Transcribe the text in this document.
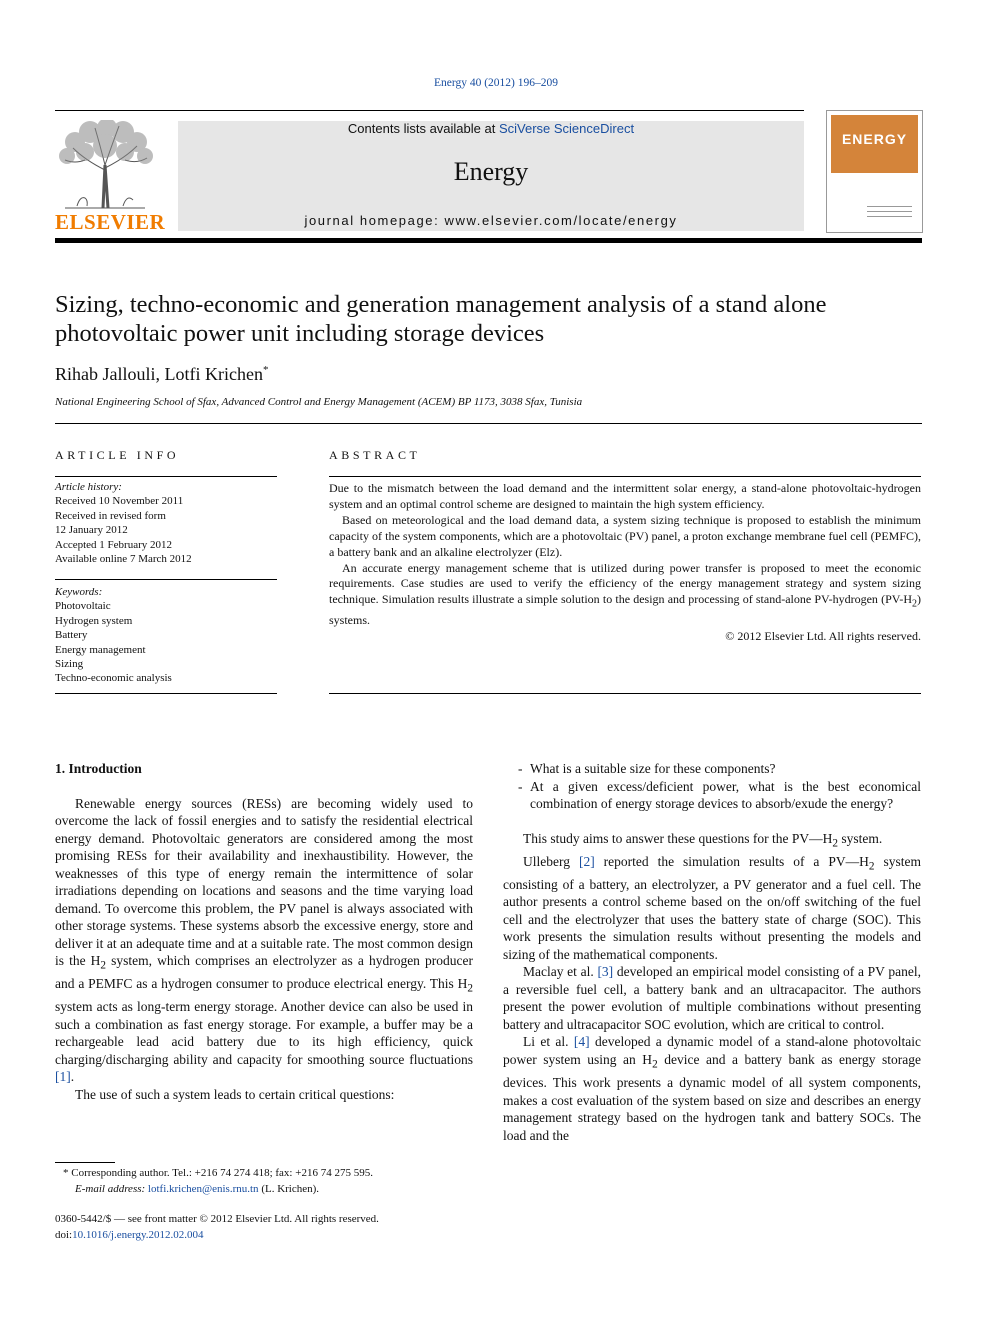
Energy 40 (2012) 196–209
ELSEVIER
Contents lists available at SciVerse ScienceDirect
Energy
journal homepage: www.elsevier.com/locate/energy
ENERGY
Sizing, techno-economic and generation management analysis of a stand alone photovoltaic power unit including storage devices
Rihab Jallouli, Lotfi Krichen*
National Engineering School of Sfax, Advanced Control and Energy Management (ACEM) BP 1173, 3038 Sfax, Tunisia
ARTICLE INFO
Article history:
Received 10 November 2011
Received in revised form
12 January 2012
Accepted 1 February 2012
Available online 7 March 2012
Keywords:
Photovoltaic
Hydrogen system
Battery
Energy management
Sizing
Techno-economic analysis
ABSTRACT

Due to the mismatch between the load demand and the intermittent solar energy, a stand-alone photovoltaic-hydrogen system and an optimal control scheme are designed to maintain the high system efficiency.

Based on meteorological and the load demand data, a system sizing technique is proposed to establish the minimum capacity of the system components, which are a photovoltaic (PV) panel, a proton exchange membrane fuel cell (PEMFC), a battery bank and an alkaline electrolyzer (Elz).

An accurate energy management scheme that is utilized during power transfer is proposed to meet the economic requirements. Case studies are used to verify the efficiency of the energy management strategy and system sizing technique. Simulation results illustrate a simple solution to the design and processing of stand-alone PV-hydrogen $(PV-H_2)$ systems.

© 2012 Elsevier Ltd. All rights reserved.
1. Introduction

Renewable energy sources (RESs) are becoming widely used to overcome the lack of fossil energies and to satisfy the residential electrical energy demand. Photovoltaic generators are considered among the most promising RESs for their availability and inexhaustibility. However, the weaknesses of this type of energy remain the intermittence of solar irradiations depending on locations and seasons and the time varying load demand. To overcome this problem, the PV panel is always associated with other storage systems. These systems absorb the excessive energy, store and deliver it at an adequate time and at a suitable rate. The most common design is the $H_2$ system, which comprises an electrolyzer as a hydrogen producer and a PEMFC as a hydrogen consumer to produce electrical energy. This $H_2$ system acts as long-term energy storage. Another device can also be used in such a combination as fast energy storage. For example, a buffer may be a rechargeable lead acid battery due to its high efficiency, quick charging/discharging ability and capacity for smoothing source fluctuations [1].

The use of such a system leads to certain critical questions:

* Corresponding author. Tel.: +216 74 274 418; fax: +216 74 275 595.
E-mail address: lotfi.krichen@enis.rnu.tn (L. Krichen).
0360-5442/$ — see front matter © 2012 Elsevier Ltd. All rights reserved.
doi:10.1016/j.energy.2012.02.004
- What is a suitable size for these components?
- At a given excess/deficient power, what is the best economical combination of energy storage devices to absorb/exude the energy?

This study aims to answer these questions for the $PV—H_2$ system.

Ulleberg [2] reported the simulation results of a $PV—H_2$ system consisting of a battery, an electrolyzer, a PV generator and a fuel cell. The author presents a control scheme based on the on/off switching of the fuel cell and the electrolyzer that uses the battery state of charge (SOC). This work presents the simulation results without presenting the models and sizing of the mathematical components.

Maclay et al. [3] developed an empirical model consisting of a PV panel, a reversible fuel cell, a battery bank and an ultracapacitor. The authors present the power evolution of multiple combinations without presenting battery and ultracapacitor SOC evolution, which are critical to control.

Li et al. [4] developed a dynamic model of a stand-alone photovoltaic power system using an $H_2$ device and a battery bank as energy storage devices. This work presents a dynamic model of all system components, makes a cost evaluation of the system based on size and describes an energy management strategy based on the hydrogen tank and battery SOCs. The load and the
